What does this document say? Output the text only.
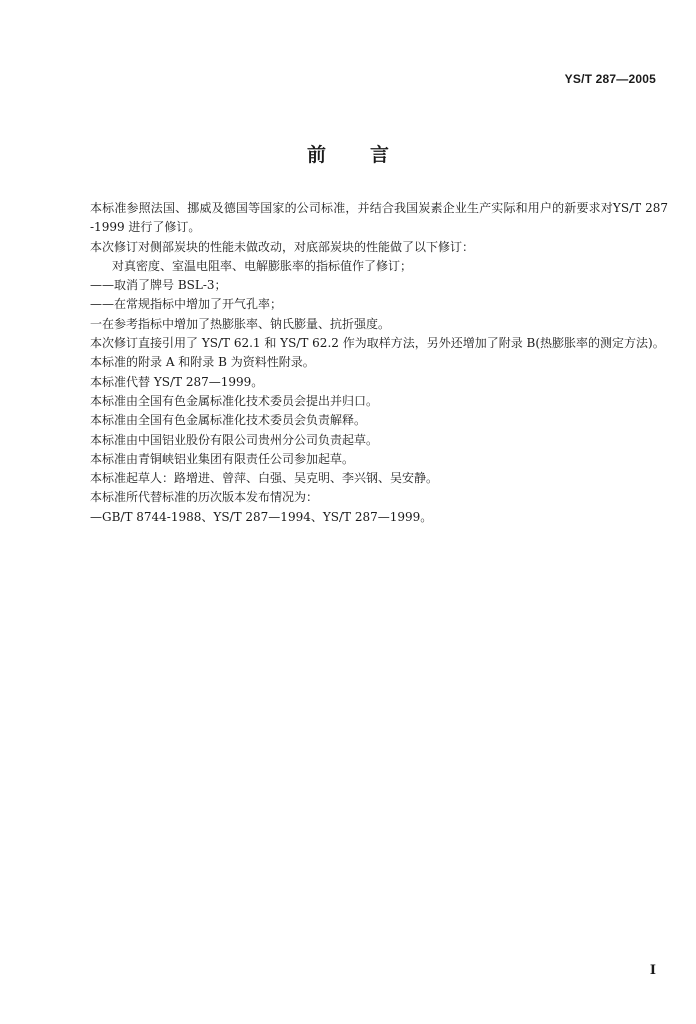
YS/T 287—2005
前言

本标准参照法国、挪威及德国等国家的公司标准，并结合我国炭素企业生产实际和用户的新要求对YS/T 287 -1999 进行了修订。

本次修订对侧部炭块的性能未做改动，对底部炭块的性能做了以下修订：

对真密度、室温电阻率、电解膨胀率的指标值作了修订；

——取消了牌号 BSL-3；

——在常规指标中增加了开气孔率；

一在参考指标中增加了热膨胀率、钠氏膨量、抗折强度。

本次修订直接引用了 YS/T 62.1 和 YS/T 62.2 作为取样方法，另外还增加了附录 B(热膨胀率的测定方法)。

本标准的附录 A 和附录 B 为资料性附录。

本标准代替 YS/T 287—1999。

本标准由全国有色金属标准化技术委员会提出并归口。

本标准由全国有色金属标准化技术委员会负责解释。

本标准由中国铝业股份有限公司贵州分公司负责起草。

本标准由青铜峡铝业集团有限责任公司参加起草。

本标准起草人：路增进、曾萍、白强、吴克明、李兴钢、吴安静。

本标准所代替标准的历次版本发布情况为：

—GB/T 8744-1988、YS/T 287—1994、YS/T 287—1999。

I
